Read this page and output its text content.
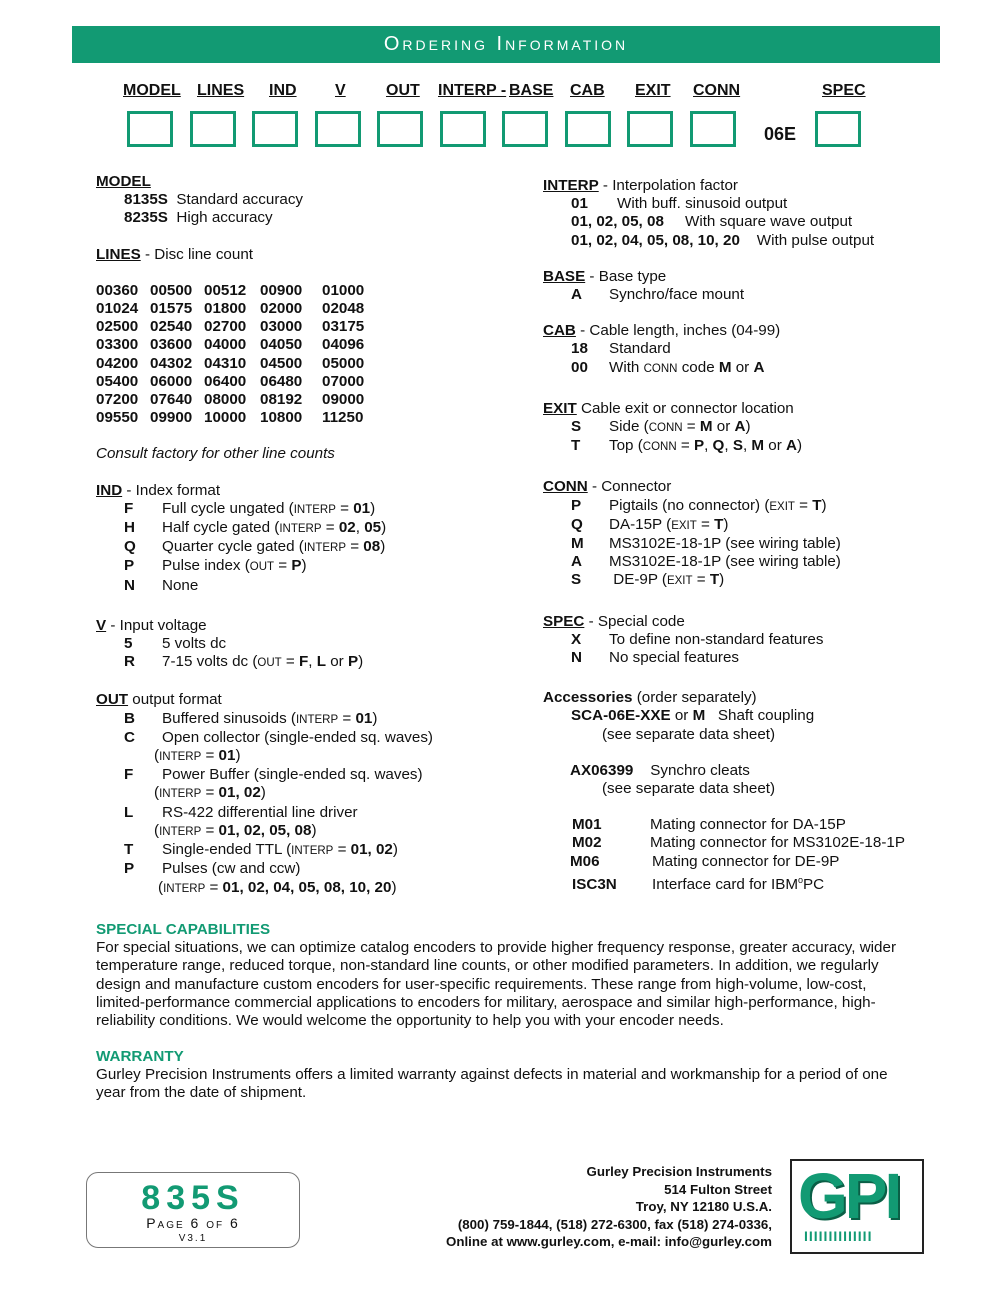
Ordering Information
MODEL LINES IND V	OUT INTERP - BASE CAB EXIT CONN	SPEC
06E
MODEL
8135S Standard accuracy
8235S High accuracy
LINES - Disc line count
00360 00500 00512 00900 01000
01024 01575 01800 02000 02048
02500 02540 02700 03000 03175
03300 03600 04000 04050 04096
04200 04302 04310 04500 05000
05400 06000 06400 06480 07000
07200 07640 08000 08192 09000
09550 09900 10000 10800 11250
Consult factory for other line counts
IND - Index format
F Full cycle ungated (INTERP = 01)
H Half cycle gated (INTERP = 02, 05)
Q Quarter cycle gated (INTERP = 08)
P Pulse index (OUT = P)
N None
V - Input voltage
5 5 volts dc
R 7-15 volts dc (OUT = F, L or P)
OUT output format
B Buffered sinusoids (INTERP = 01)
C Open collector (single-ended sq. waves)
(INTERP = 01)
F Power Buffer (single-ended sq. waves)
(INTERP = 01, 02)
L RS-422 differential line driver
(INTERP = 01, 02, 05, 08)
T Single-ended TTL (INTERP = 01, 02)
P Pulses (cw and ccw)
(INTERP = 01, 02, 04, 05, 08, 10, 20)
INTERP - Interpolation factor
01 With buff. sinusoid output
01, 02, 05, 08 With square wave output
01, 02, 04, 05, 08, 10, 20 With pulse output
BASE - Base type
A Synchro/face mount
CAB - Cable length, inches (04-99)
18 Standard
00 With CONN code M or A
EXIT Cable exit or connector location
S Side (CONN = M or A)
T Top (CONN = P, Q, S, M or A)
CONN - Connector
P Pigtails (no connector) (EXIT = T)
Q DA-15P (EXIT = T)
M MS3102E-18-1P (see wiring table)
A MS3102E-18-1P (see wiring table)
S DE-9P (EXIT = T)
SPEC - Special code
X To define non-standard features
N No special features
Accessories (order separately)
SCA-06E-XXE or M Shaft coupling
(see separate data sheet)
AX06399 Synchro cleats
(see separate data sheet)
M01	Mating connector for DA-15P
M02	Mating connector for MS3102E-18-1P
M06	Mating connector for DE-9P
ISC3N Interface card for IBM$^o$PC
SPECIAL CAPABILITIES
For special situations, we can optimize catalog encoders to provide higher frequency response, greater accuracy, wider
temperature range, reduced torque, non-standard line counts, or other modified parameters. In addition, we regularly
design and manufacture custom encoders for user-specific requirements. These range from high-volume, low-cost,
limited-performance commercial applications to encoders for military, aerospace and similar high-performance, high-
reliability conditions. We would welcome the opportunity to help you with your encoder needs.
WARRANTY
Gurley Precision Instruments offers a limited warranty against defects in material and workmanship for a period of one
year from the date of shipment.
835S
Page 6 of 6
V3.1
Gurley Precision Instruments
514 Fulton Street
Troy, NY 12180 U.S.A.
(800) 759-1844, (518) 272-6300, fax (518) 274-0336,
Online at www.gurley.com, e-mail: info@gurley.com
GPI
IIIIIIIIIIIIII
